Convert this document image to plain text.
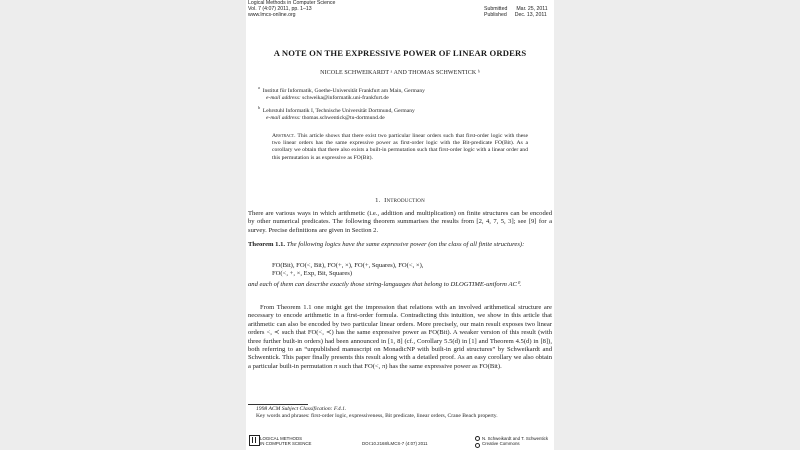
Logical Methods in Computer Science
Vol. 7 (4:07) 2011, pp. 1–13
www.lmcs-online.org
Submitted Mar. 25, 2011
Published Dec. 13, 2011
A NOTE ON THE EXPRESSIVE POWER OF LINEAR ORDERS
NICOLE SCHWEIKARDT ᵃ AND THOMAS SCHWENTICK ᵇ
$^a$  Institut für Informatik, Goethe-Universität Frankfurt am Main, Germany
e-mail address: schweika@informatik.uni-frankfurt.de
$^b$  Lehrstuhl Informatik I, Technische Universität Dortmund, Germany
e-mail address: thomas.schwentick@tu-dortmund.de
Abstract. This article shows that there exist two particular linear orders such that first-order logic with these two linear orders has the same expressive power as first-order logic with the Bit-predicate FO(Bit). As a corollary we obtain that there also exists a built-in permutation such that first-order logic with a linear order and this permutation is as expressive as FO(Bit).
1. Introduction

There are various ways in which arithmetic (i.e., addition and multiplication) on finite structures can be encoded by other numerical predicates. The following theorem summarises the results from [2, 4, 7, 5, 3]; see [9] for a survey. Precise definitions are given in Section 2.

Theorem 1.1. The following logics have the same expressive power (on the class of all finite structures):

FO(Bit), FO(<, Bit), FO(+, ×), FO(+, Squares), FO(<, ×),
FO(<, +, ×, Exp, Bit, Squares)

and each of them can describe exactly those string-languages that belong to DLOGTIME-uniform AC⁰.

From Theorem 1.1 one might get the impression that relations with an involved arithmetical structure are necessary to encode arithmetic in a first-order formula. Contradicting this intuition, we show in this article that arithmetic can also be encoded by two particular linear orders. More precisely, our main result exposes two linear orders <, ≺ such that FO(<, ≺) has the same expressive power as FO(Bit). A weaker version of this result (with three further built-in orders) had been announced in [1, 8] (cf., Corollary 5.5(d) in [1] and Theorem 4.5(d) in [8]), both referring to an “unpublished manuscript on MonadicNP with built-in grid structures” by Schweikardt and Schwentick. This paper finally presents this result along with a detailed proof. As an easy corollary we also obtain a particular built-in permutation π such that FO(<, π) has the same expressive power as FO(Bit).

1998 ACM Subject Classification: F.4.1.
Key words and phrases: first-order logic, expressiveness, Bit predicate, linear orders, Crane Beach property.
LOGICAL METHODS
IN COMPUTER SCIENCE	DOI:10.2168/LMCS-7 (4:07) 2011
N. Schweikardt and T. Schwentick
Creative Commons
